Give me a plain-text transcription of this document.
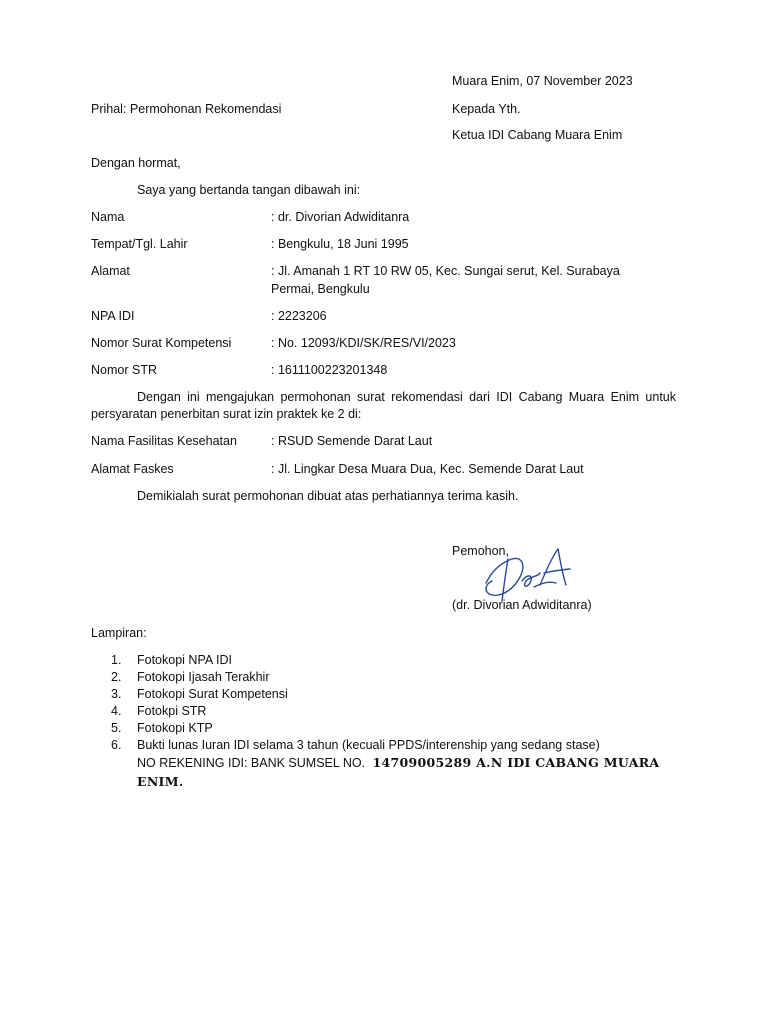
Muara Enim, 07 November 2023
Prihal: Permohonan Rekomendasi	Kepada Yth.
Ketua IDI Cabang Muara Enim
Dengan hormat,
Saya yang bertanda tangan dibawah ini:
Nama	: dr. Divorian Adwiditanra
Tempat/Tgl. Lahir	: Bengkulu, 18 Juni 1995
Alamat	: Jl. Amanah 1 RT 10 RW 05, Kec. Sungai serut, Kel. Surabaya
Permai, Bengkulu
NPA IDI	: 2223206
Nomor Surat Kompetensi	: No. 12093/KDI/SK/RES/VI/2023
Nomor STR	: 1611100223201348
Dengan ini mengajukan permohonan surat rekomendasi dari IDI Cabang Muara Enim untuk persyaratan penerbitan surat izin praktek ke 2 di:
Nama Fasilitas Kesehatan	: RSUD Semende Darat Laut
Alamat Faskes	: Jl. Lingkar Desa Muara Dua, Kec. Semende Darat Laut
Demikialah surat permohonan dibuat atas perhatiannya terima kasih.
Pemohon,
(dr. Divorian Adwiditanra)
Lampiran:
1. Fotokopi NPA IDI
2. Fotokopi Ijasah Terakhir
3. Fotokopi Surat Kompetensi
4. Fotokpi STR
5. Fotokopi KTP
6. Bukti lunas Iuran IDI selama 3 tahun (kecuali PPDS/interenship yang sedang stase)
NO REKENING IDI: BANK SUMSEL NO. 14709005289 A.N IDI CABANG MUARA
ENIM.
